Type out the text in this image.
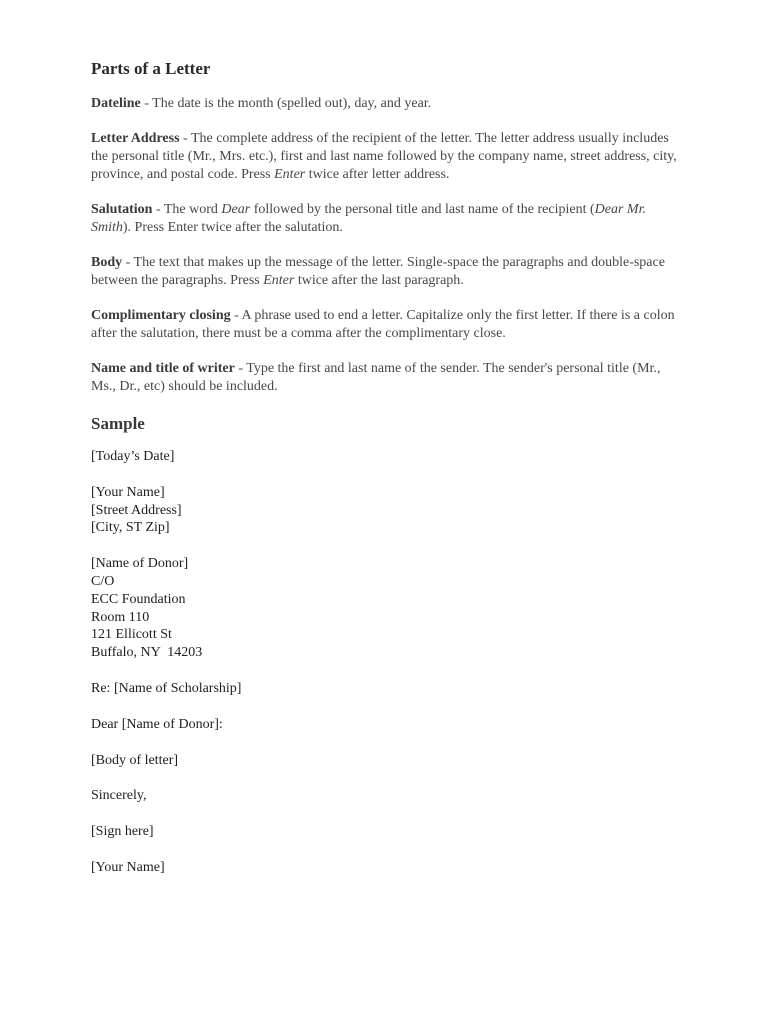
Parts of a Letter

Dateline - The date is the month (spelled out), day, and year.

Letter Address - The complete address of the recipient of the letter. The letter address usually includes the personal title (Mr., Mrs. etc.), first and last name followed by the company name, street address, city, province, and postal code. Press Enter twice after letter address.

Salutation - The word Dear followed by the personal title and last name of the recipient (Dear Mr. Smith). Press Enter twice after the salutation.

Body - The text that makes up the message of the letter. Single-space the paragraphs and double-space between the paragraphs. Press Enter twice after the last paragraph.

Complimentary closing - A phrase used to end a letter. Capitalize only the first letter. If there is a colon after the salutation, there must be a comma after the complimentary close.

Name and title of writer - Type the first and last name of the sender. The sender's personal title (Mr., Ms., Dr., etc) should be included.

Sample
[Today’s Date]
[Your Name]
[Street Address]
[City, ST Zip]
[Name of Donor]
C/O
ECC Foundation
Room 110
121 Ellicott St
Buffalo, NY  14203
Re: [Name of Scholarship]
Dear [Name of Donor]:
[Body of letter]
Sincerely,
[Sign here]
[Your Name]
